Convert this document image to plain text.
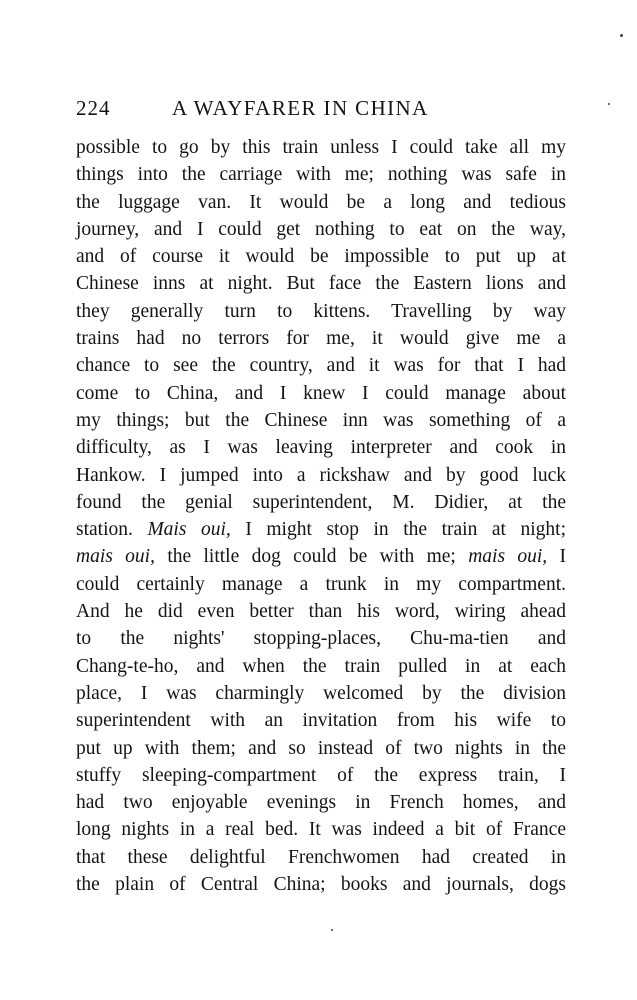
224	A WAYFARER IN CHINA
possible to go by this train unless I could take all my
things into the carriage with me; nothing was safe in
the luggage van. It would be a long and tedious
journey, and I could get nothing to eat on the way,
and of course it would be impossible to put up at
Chinese inns at night. But face the Eastern lions and
they generally turn to kittens. Travelling by way
trains had no terrors for me, it would give me a
chance to see the country, and it was for that I had
come to China, and I knew I could manage about
my things; but the Chinese inn was something of a
difficulty, as I was leaving interpreter and cook in
Hankow. I jumped into a rickshaw and by good luck
found the genial superintendent, M. Didier, at the
station. Mais oui, I might stop in the train at night;
mais oui, the little dog could be with me; mais oui, I
could certainly manage a trunk in my compartment.
And he did even better than his word, wiring ahead
to the nights' stopping-places, Chu-ma-tien and
Chang-te-ho, and when the train pulled in at each
place, I was charmingly welcomed by the division
superintendent with an invitation from his wife to
put up with them; and so instead of two nights in the
stuffy sleeping-compartment of the express train, I
had two enjoyable evenings in French homes, and
long nights in a real bed. It was indeed a bit of France
that these delightful Frenchwomen had created in
the plain of Central China; books and journals, dogs
